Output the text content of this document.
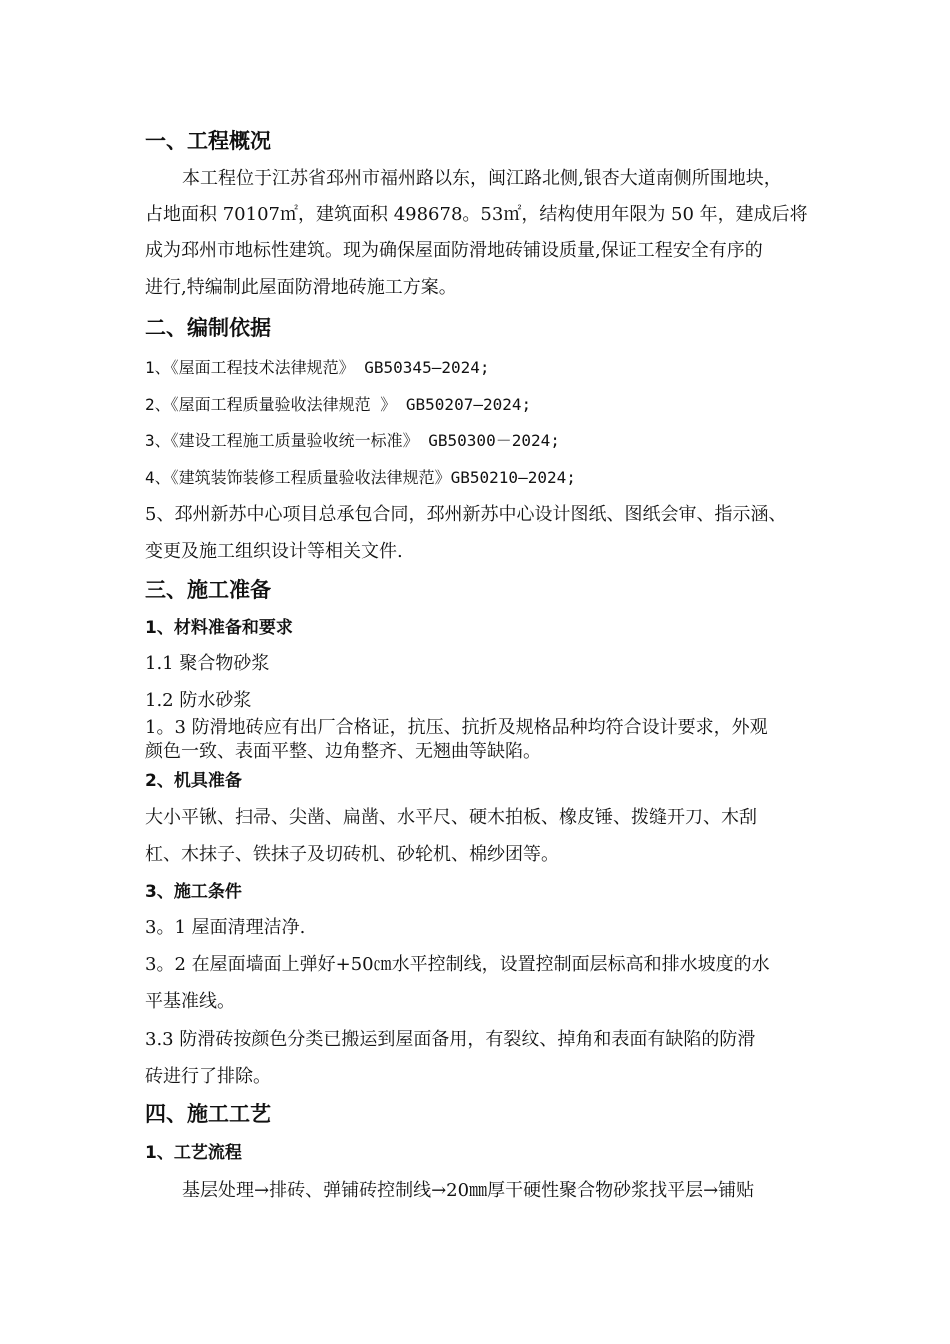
一、工程概况
本工程位于江苏省邳州市福州路以东，闽江路北侧,银杏大道南侧所围地块，
占地面积 70107㎡，建筑面积 498678。53㎡，结构使用年限为 50 年，建成后将
成为邳州市地标性建筑。现为确保屋面防滑地砖铺设质量,保证工程安全有序的
进行,特编制此屋面防滑地砖施工方案。
二、编制依据
1、《屋面工程技术法律规范》 GB50345—2024;
2、《屋面工程质量验收法律规范 》 GB50207—2024;
3、《建设工程施工质量验收统一标准》 GB50300－2024;
4、《建筑装饰装修工程质量验收法律规范》GB50210—2024;
5、邳州新苏中心项目总承包合同，邳州新苏中心设计图纸、图纸会审、指示涵、
变更及施工组织设计等相关文件.
三、施工准备
1、材料准备和要求
1.1 聚合物砂浆
1.2 防水砂浆
1。3 防滑地砖应有出厂合格证，抗压、抗折及规格品种均符合设计要求，外观
颜色一致、表面平整、边角整齐、无翘曲等缺陷。
2、机具准备
大小平锹、扫帚、尖凿、扁凿、水平尺、硬木拍板、橡皮锤、拨缝开刀、木刮
杠、木抹子、铁抹子及切砖机、砂轮机、棉纱团等。
3、施工条件
3。1 屋面清理洁净.
3。2 在屋面墙面上弹好+50㎝水平控制线，设置控制面层标高和排水坡度的水
平基准线。
3.3 防滑砖按颜色分类已搬运到屋面备用，有裂纹、掉角和表面有缺陷的防滑
砖进行了排除。
四、施工工艺
1、工艺流程
基层处理→排砖、弹铺砖控制线→20㎜厚干硬性聚合物砂浆找平层→铺贴
